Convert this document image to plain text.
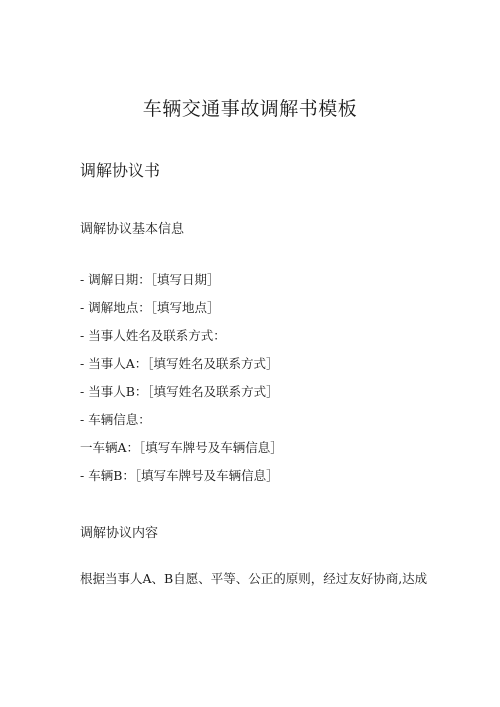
车辆交通事故调解书模板
调解协议书
调解协议基本信息
- 调解日期：［填写日期］
- 调解地点：［填写地点］
- 当事人姓名及联系方式：
- 当事人A：［填写姓名及联系方式］
- 当事人B：［填写姓名及联系方式］
- 车辆信息：
一车辆A：［填写车牌号及车辆信息］
- 车辆B：［填写车牌号及车辆信息］
调解协议内容

根据当事人A、B自愿、平等、公正的原则，经过友好协商,达成
